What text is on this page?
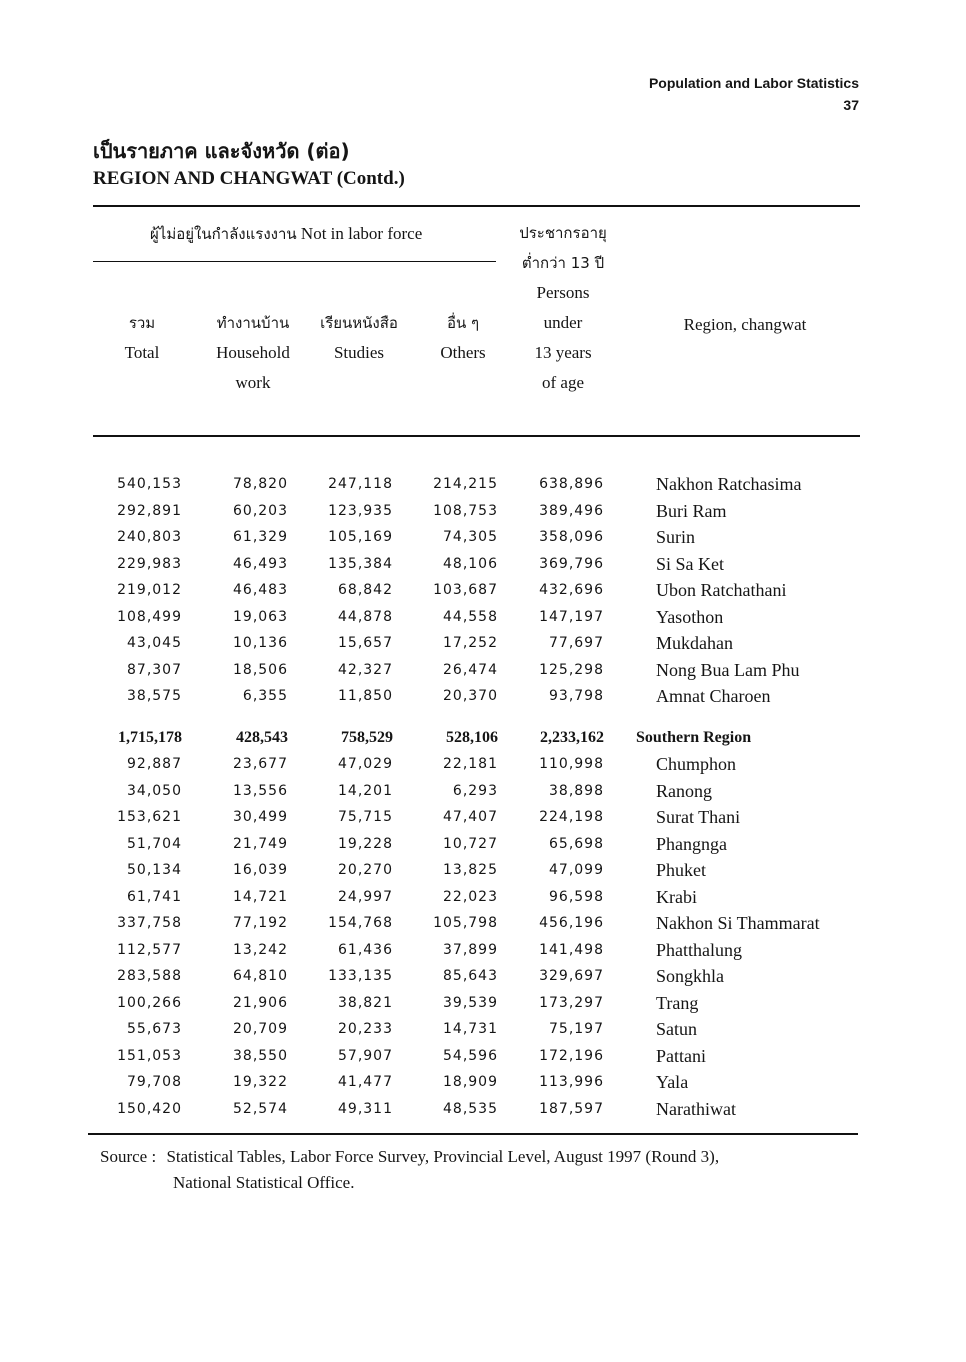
Population and Labor Statistics
37
เป็นรายภาค และจังหวัด (ต่อ)
REGION AND CHANGWAT (Contd.)
ผู้ไม่อยู่ในกำลังแรงงาน Not in labor force
รวม
Total
ทำงานบ้าน
Household
work
เรียนหนังสือ
Studies
อื่น ๆ
Others
ประชากรอายุ
ต่ำกว่า 13 ปี
Persons
under
13 years
of age
Region, changwat
540,153	78,820	247,118	214,215	638,896	Nakhon Ratchasima
292,891	60,203	123,935	108,753	389,496	Buri Ram
240,803	61,329	105,169	74,305	358,096	Surin
229,983	46,493	135,384	48,106	369,796	Si Sa Ket
219,012	46,483	68,842	103,687	432,696	Ubon Ratchathani
108,499	19,063	44,878	44,558	147,197	Yasothon
43,045	10,136	15,657	17,252	77,697	Mukdahan
87,307	18,506	42,327	26,474	125,298	Nong Bua Lam Phu
38,575	6,355	11,850	20,370	93,798	Amnat Charoen
1,715,178	428,543	758,529	528,106	2,233,162 Southern Region
92,887	23,677	47,029	22,181	110,998	Chumphon
34,050	13,556	14,201	6,293	38,898	Ranong
153,621	30,499	75,715	47,407	224,198	Surat Thani
51,704	21,749	19,228	10,727	65,698	Phangnga
50,134	16,039	20,270	13,825	47,099	Phuket
61,741	14,721	24,997	22,023	96,598	Krabi
337,758	77,192	154,768	105,798	456,196	Nakhon Si Thammarat
112,577	13,242	61,436	37,899	141,498	Phatthalung
283,588	64,810	133,135	85,643	329,697	Songkhla
100,266	21,906	38,821	39,539	173,297	Trang
55,673	20,709	20,233	14,731	75,197	Satun
151,053	38,550	57,907	54,596	172,196	Pattani
79,708	19,322	41,477	18,909	113,996	Yala
150,420	52,574	49,311	48,535	187,597	Narathiwat
Source : Statistical Tables, Labor Force Survey, Provincial Level, August 1997 (Round 3),
National Statistical Office.
